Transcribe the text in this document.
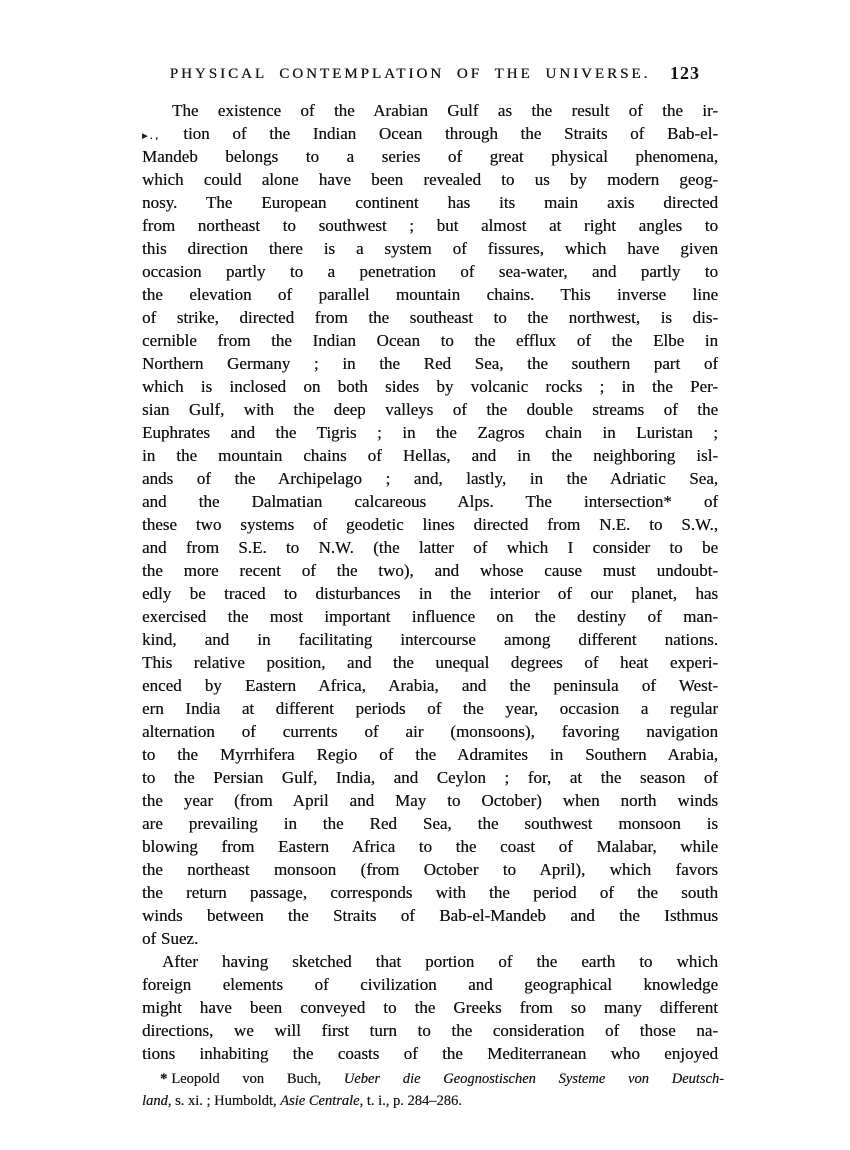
PHYSICAL CONTEMPLATION OF THE UNIVERSE.	123
The existence of the Arabian Gulf as the result of the ir-
▸., tion of the Indian Ocean through the Straits of Bab-el-
Mandeb belongs to a series of great physical phenomena,
which could alone have been revealed to us by modern geog-
nosy. The European continent has its main axis directed
from northeast to southwest ; but almost at right angles to
this direction there is a system of fissures, which have given
occasion partly to a penetration of sea-water, and partly to
the elevation of parallel mountain chains. This inverse line
of strike, directed from the southeast to the northwest, is dis-
cernible from the Indian Ocean to the efflux of the Elbe in
Northern Germany ; in the Red Sea, the southern part of
which is inclosed on both sides by volcanic rocks ; in the Per-
sian Gulf, with the deep valleys of the double streams of the
Euphrates and the Tigris ; in the Zagros chain in Luristan ;
in the mountain chains of Hellas, and in the neighboring isl-
ands of the Archipelago ; and, lastly, in the Adriatic Sea,
and the Dalmatian calcareous Alps. The intersection* of
these two systems of geodetic lines directed from N.E. to S.W.,
and from S.E. to N.W. (the latter of which I consider to be
the more recent of the two), and whose cause must undoubt-
edly be traced to disturbances in the interior of our planet, has
exercised the most important influence on the destiny of man-
kind, and in facilitating intercourse among different nations.
This relative position, and the unequal degrees of heat experi-
enced by Eastern Africa, Arabia, and the peninsula of West-
ern India at different periods of the year, occasion a regular
alternation of currents of air (monsoons), favoring navigation
to the Myrrhifera Regio of the Adramites in Southern Arabia,
to the Persian Gulf, India, and Ceylon ; for, at the season of
the year (from April and May to October) when north winds
are prevailing in the Red Sea, the southwest monsoon is
blowing from Eastern Africa to the coast of Malabar, while
the northeast monsoon (from October to April), which favors
the return passage, corresponds with the period of the south
winds between the Straits of Bab-el-Mandeb and the Isthmus
of Suez.
After having sketched that portion of the earth to which
foreign elements of civilization and geographical knowledge
might have been conveyed to the Greeks from so many different
directions, we will first turn to the consideration of those na-
tions inhabiting the coasts of the Mediterranean who enjoyed
* Leopold von Buch, Ueber die Geognostischen Systeme von Deutsch-
land, s. xi. ; Humboldt, Asie Centrale, t. i., p. 284–286.
